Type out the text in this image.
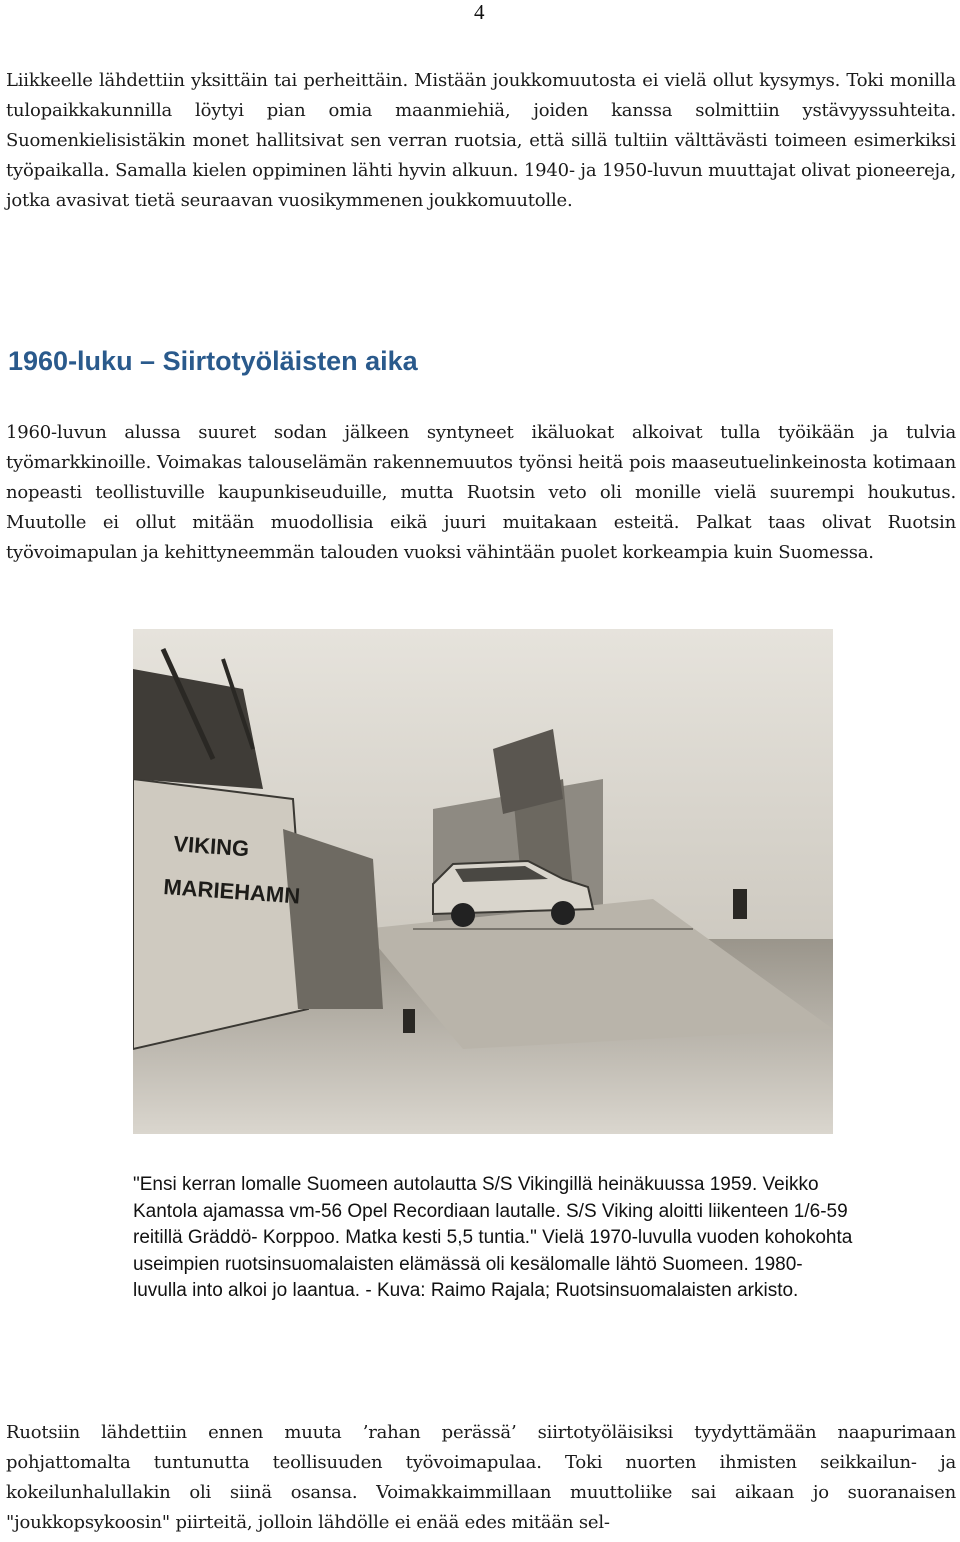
4

Liikkeelle lähdettiin yksittäin tai perheittäin. Mistään joukkomuutosta ei vielä ollut kysymys. Toki monilla tulopaikkakunnilla löytyi pian omia maanmiehiä, joiden kanssa solmittiin ystävyyssuhteita. Suomenkielisistäkin monet hallitsivat sen verran ruotsia, että sillä tultiin välttävästi toimeen esimerkiksi työpaikalla. Samalla kielen oppiminen lähti hyvin alkuun. 1940- ja 1950-luvun muuttajat olivat pioneereja, jotka avasivat tietä seuraavan vuosikymmenen joukkomuutolle.

1960-luku – Siirtotyöläisten aika

1960-luvun alussa suuret sodan jälkeen syntyneet ikäluokat alkoivat tulla työikään ja tulvia työmarkkinoille. Voimakas talouselämän rakennemuutos työnsi heitä pois maaseutuelinkeinosta kotimaan nopeasti teollistuville kaupunkiseuduille, mutta Ruotsin veto oli monille vielä suurempi houkutus. Muutolle ei ollut mitään muodollisia eikä juuri muitakaan esteitä. Palkat taas olivat Ruotsin työvoimapulan ja kehittyneemmän talouden vuoksi vähintään puolet korkeampia kuin Suomessa.

VIKING
MARIEHAMN

"Ensi kerran lomalle Suomeen autolautta S/S Vikingillä heinäkuussa 1959. Veikko Kantola ajamassa vm-56 Opel Recordiaan lautalle. S/S Viking aloitti liikenteen 1/6-59 reitillä Gräddö- Korppoo. Matka kesti 5,5 tuntia." Vielä 1970-luvulla vuoden kohokohta useimpien ruotsinsuomalaisten elämässä oli kesälomalle lähtö Suomeen. 1980-luvulla into alkoi jo laantua. - Kuva: Raimo Rajala; Ruotsinsuomalaisten arkisto.

Ruotsiin lähdettiin ennen muuta ’rahan perässä’ siirtotyöläisiksi tyydyttämään naapurimaan pohjattomalta tuntunutta teollisuuden työvoimapulaa. Toki nuorten ihmisten seikkailun- ja kokeilunhalullakin oli siinä osansa. Voimakkaimmillaan muuttoliike sai aikaan jo suoranaisen "joukkopsykoosin" piirteitä, jolloin lähdölle ei enää edes mitään sel-
